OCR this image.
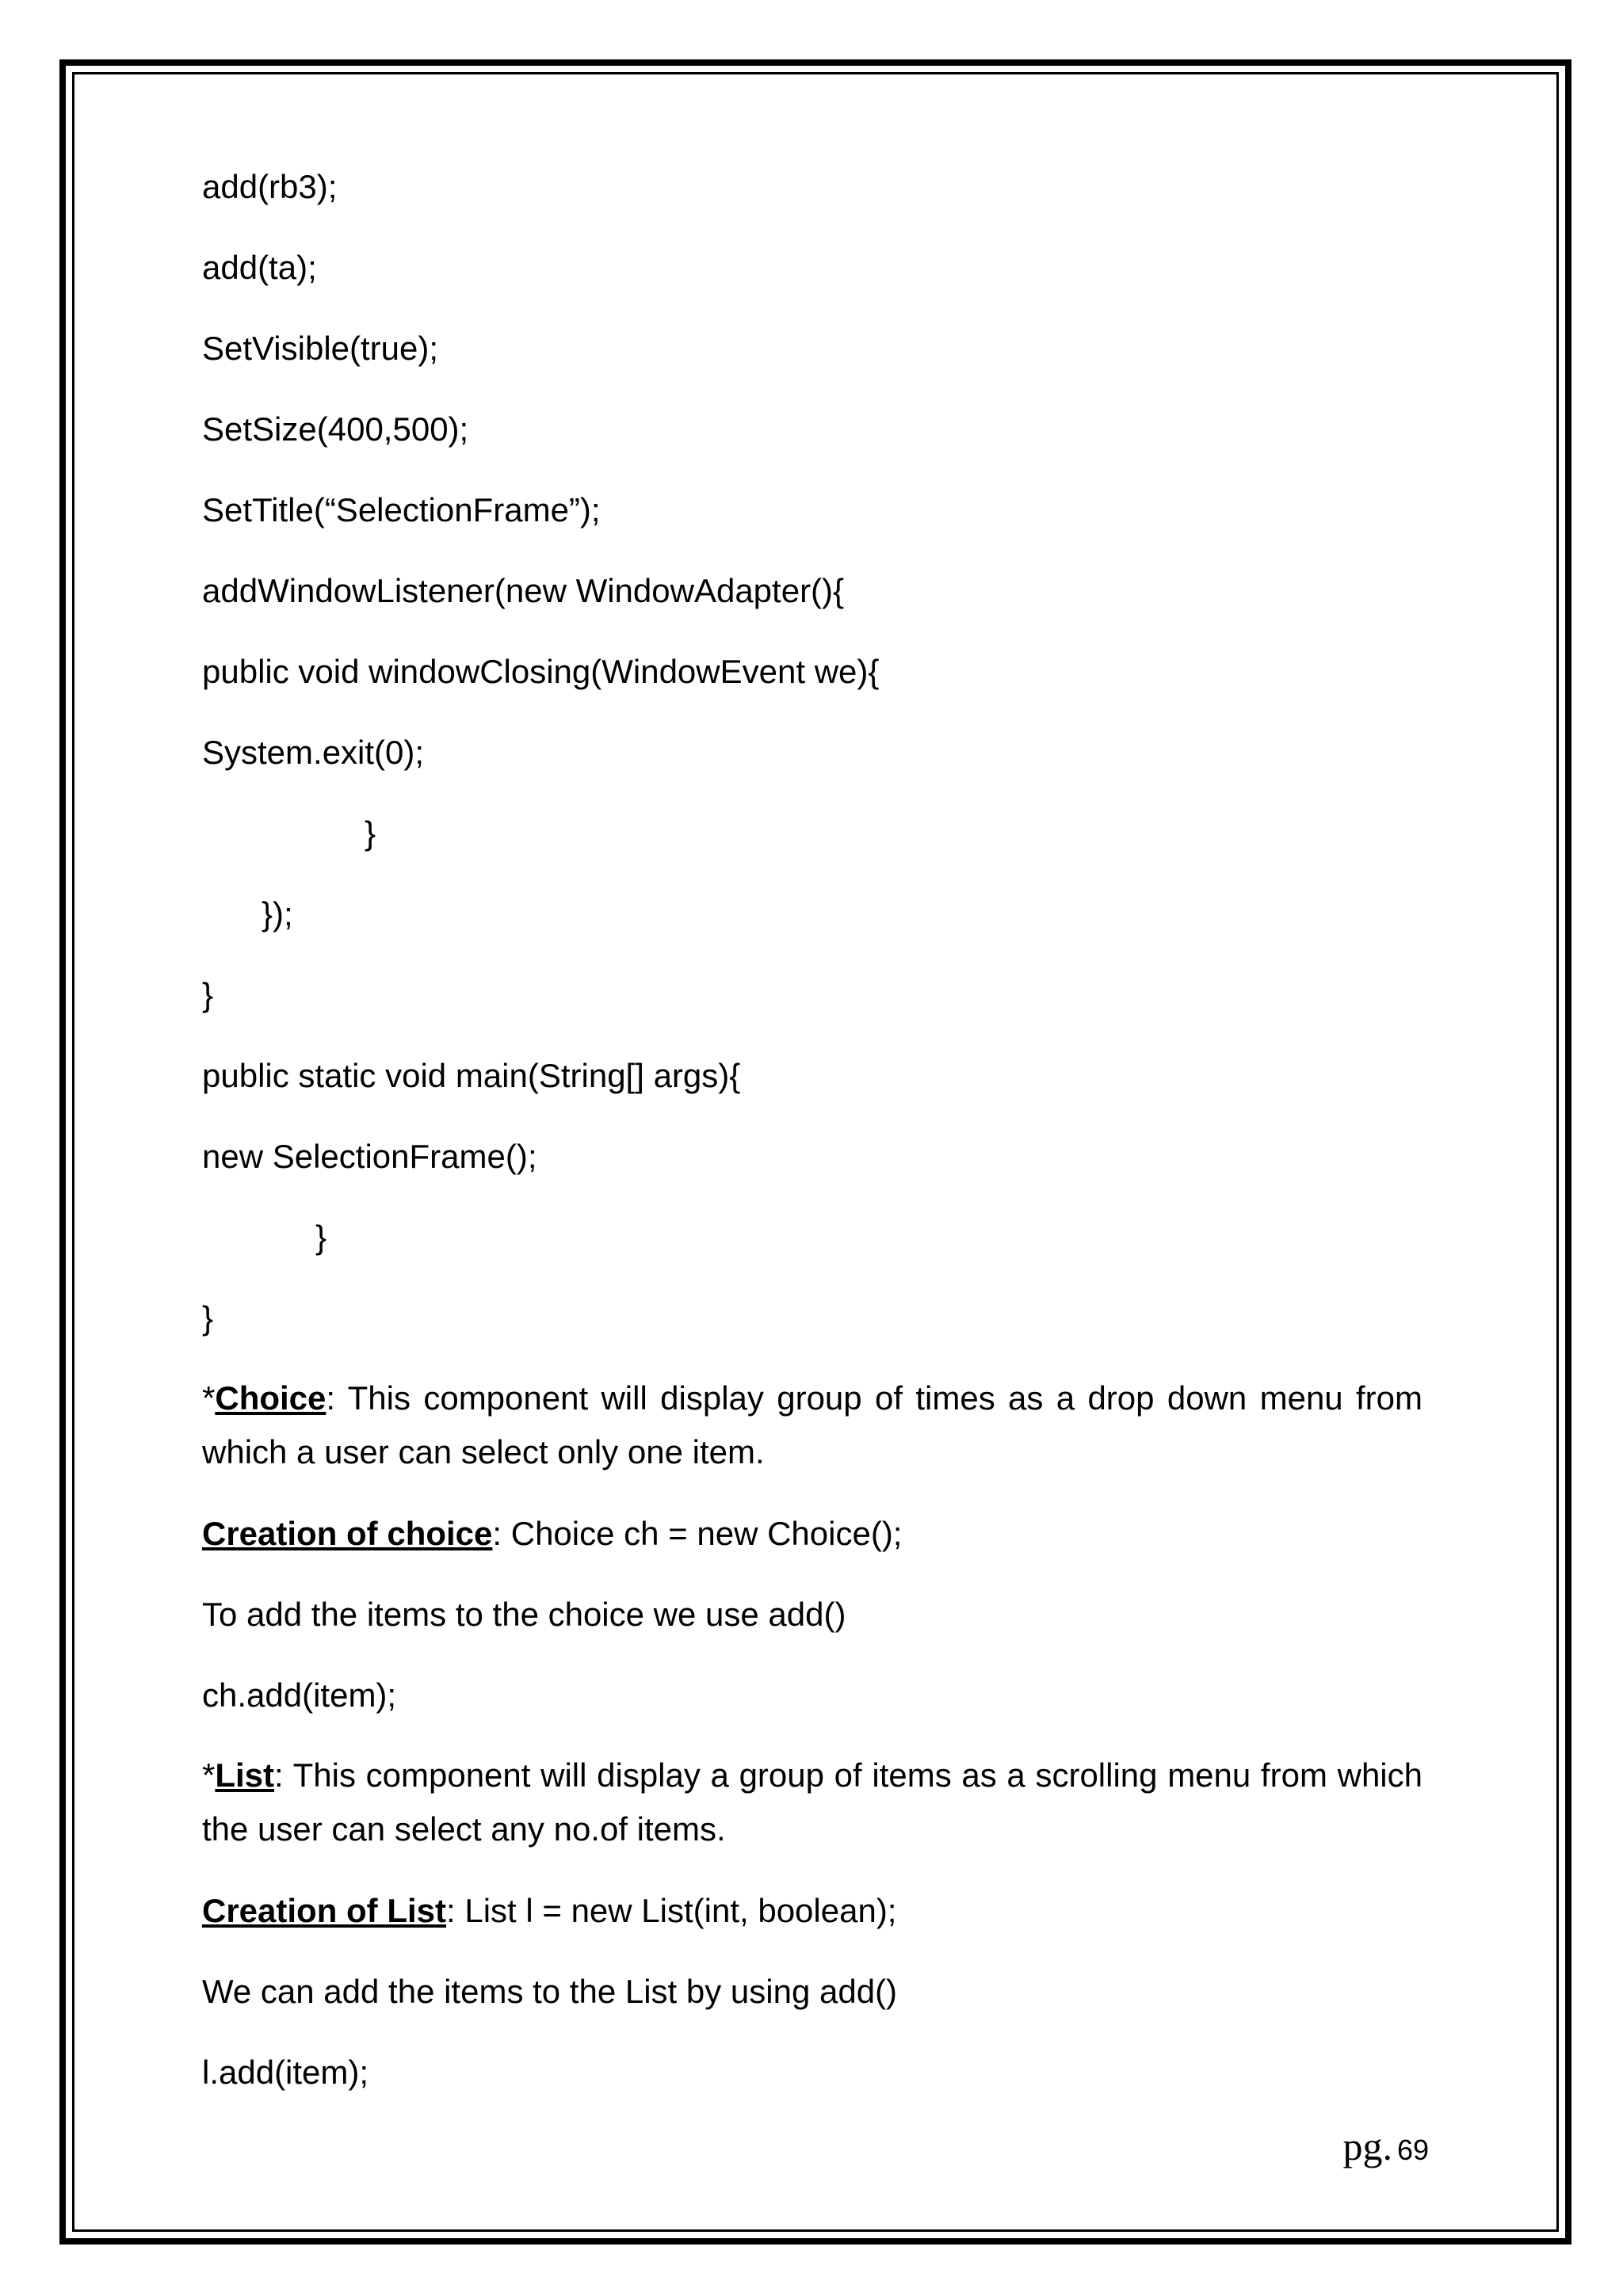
add(rb3);
add(ta);
SetVisible(true);
SetSize(400,500);
SetTitle(“SelectionFrame”);
addWindowListener(new WindowAdapter(){
public void windowClosing(WindowEvent we){
System.exit(0);
}
});
}
public static void main(String[] args){
new SelectionFrame();
}
}
*Choice: This component will display group of times as a drop down menu from which a user can select only one item.
Creation of choice: Choice ch = new Choice();
To add the items to the choice we use add()
ch.add(item);
*List: This component will display a group of items as a scrolling menu from which the user can select any no.of items.
Creation of List: List l = new List(int, boolean);
We can add the items to the List by using add()
l.add(item);
pg. 69
